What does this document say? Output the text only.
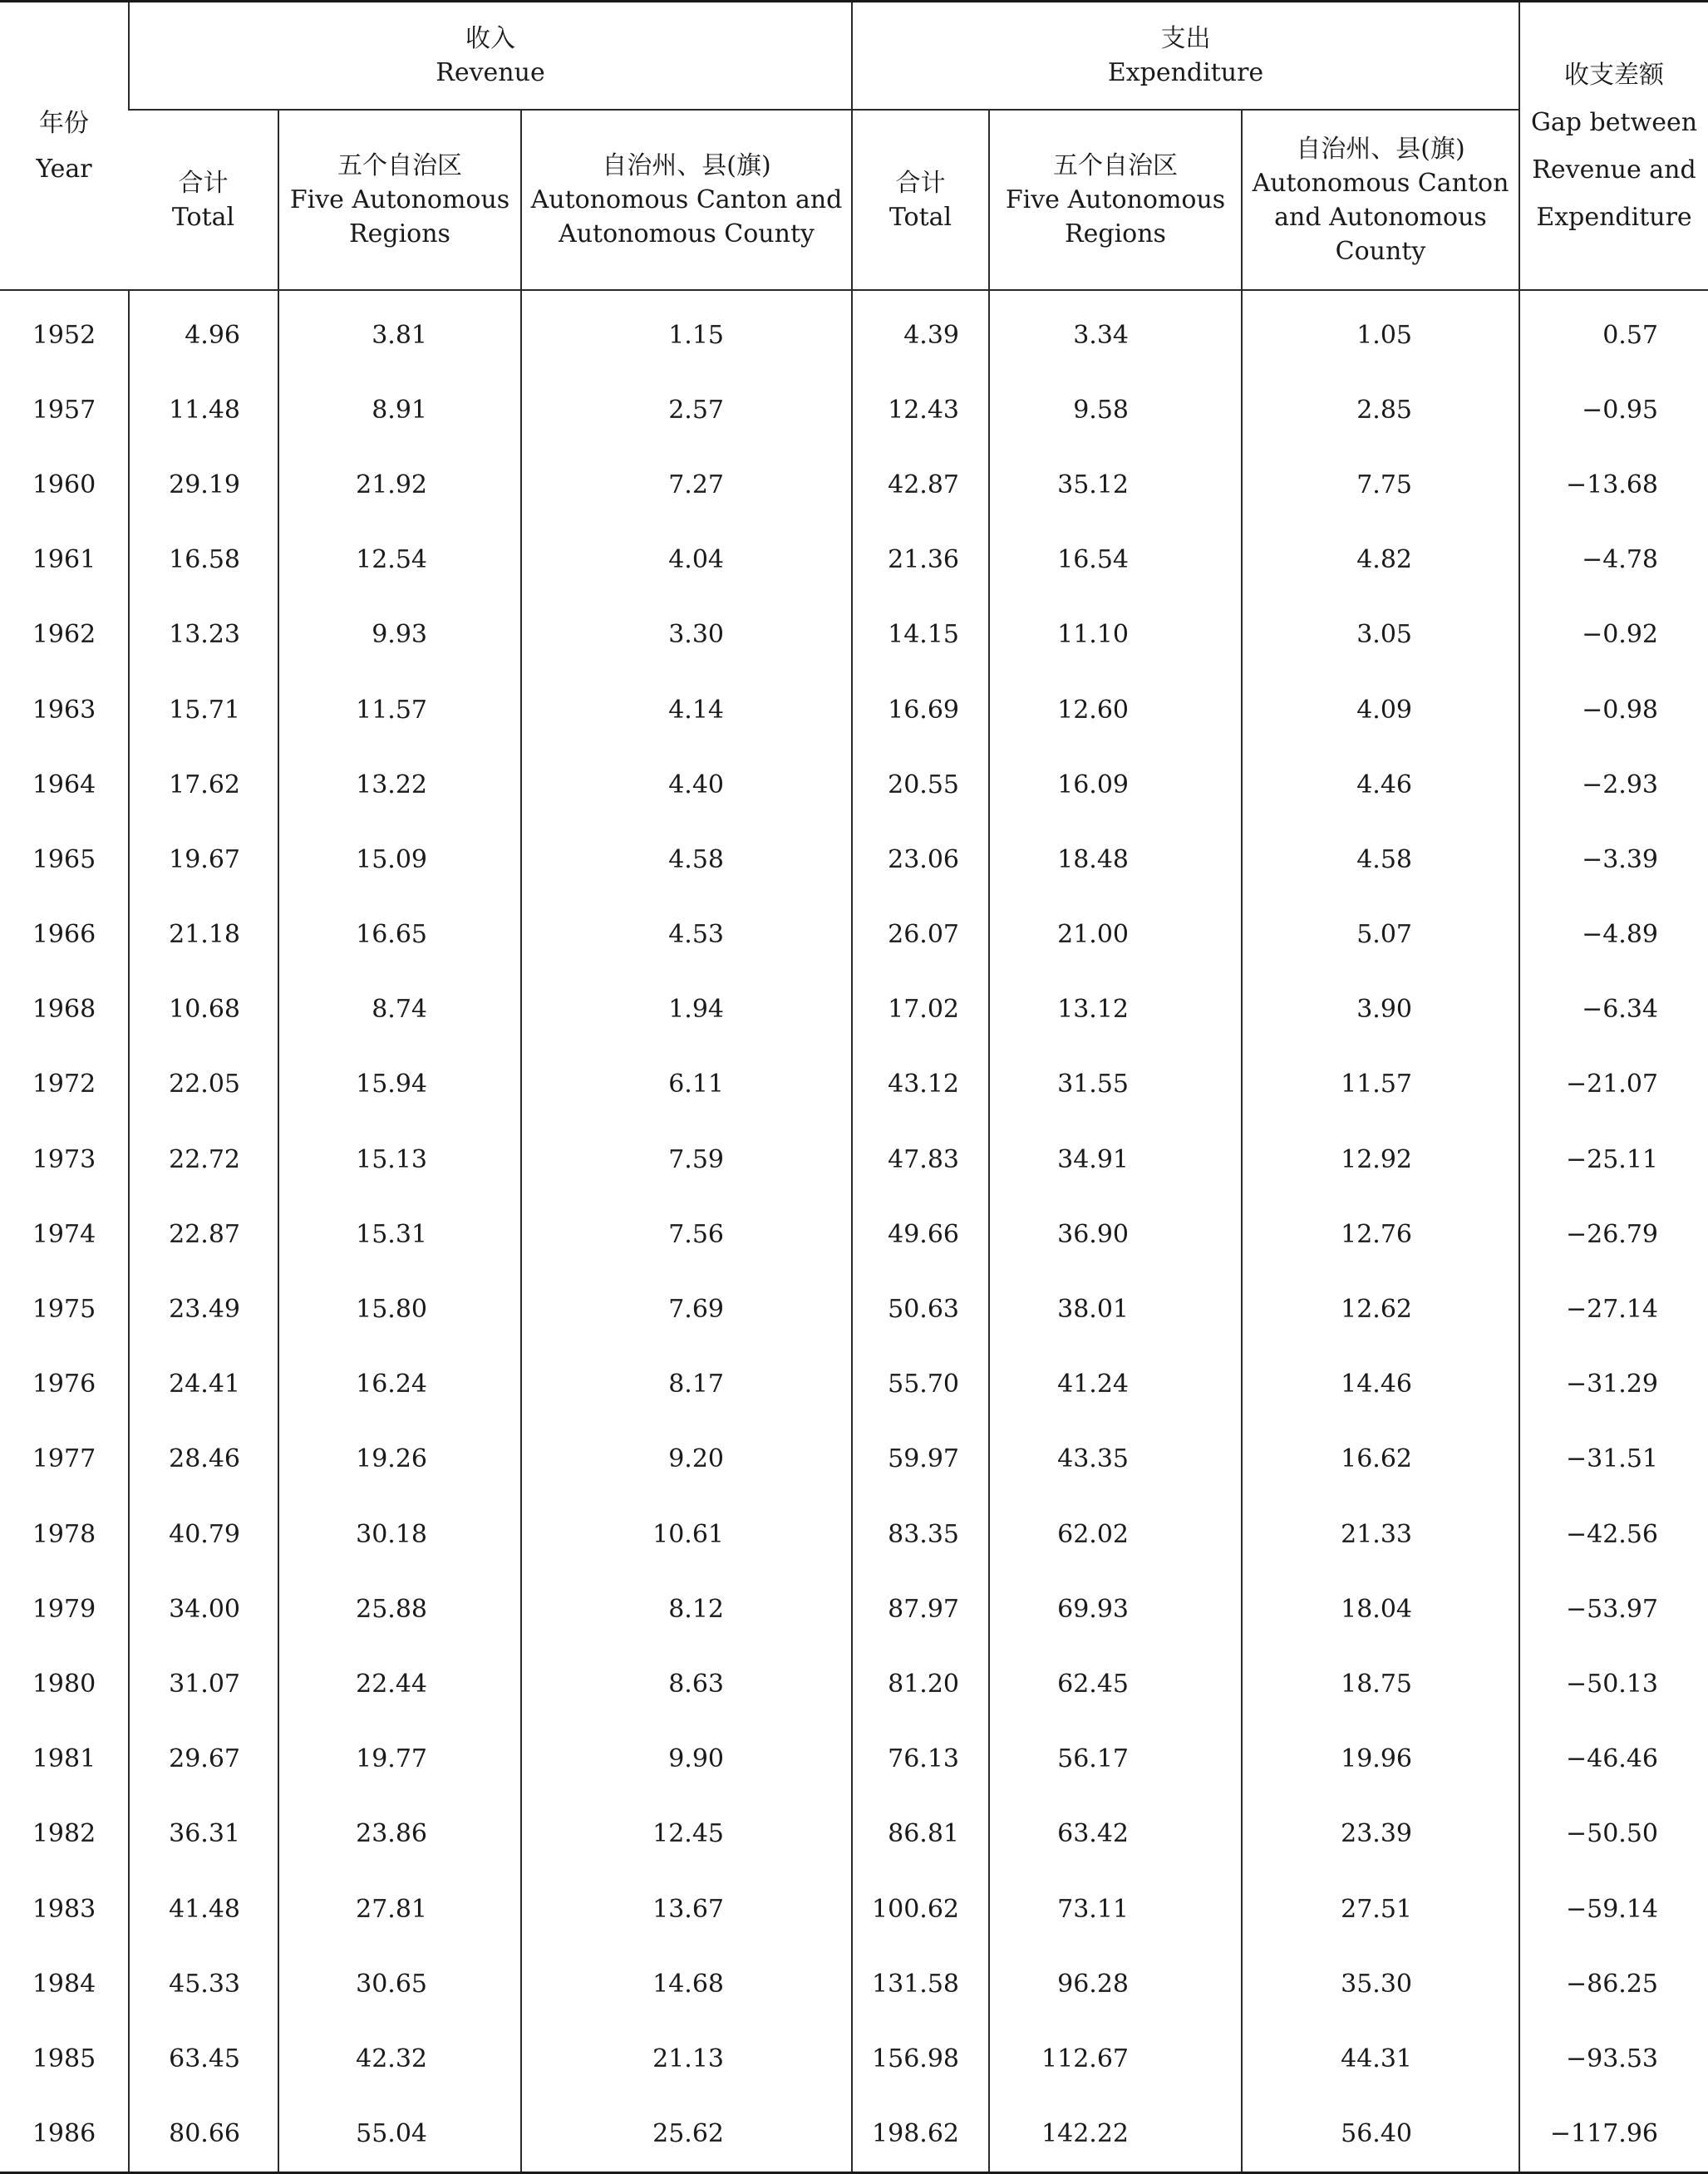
年份
Year	收入
Revenue			支出
Expenditure			收支差额
Gap between Revenue and Expenditure

	合计
Total	五个自治区
Five Autonomous Regions	自治州、县(旗)
Autonomous Canton and Autonomous County	合计
Total	五个自治区
Five Autonomous Regions	自治州、县(旗)
Autonomous Canton and Autonomous County	

1952	4.96	3.81	1.15	4.39	3.34	1.05	0.57
1957	11.48	8.91	2.57	12.43	9.58	2.85	−0.95
1960	29.19	21.92	7.27	42.87	35.12	7.75	−13.68
1961	16.58	12.54	4.04	21.36	16.54	4.82	−4.78
1962	13.23	9.93	3.30	14.15	11.10	3.05	−0.92
1963	15.71	11.57	4.14	16.69	12.60	4.09	−0.98
1964	17.62	13.22	4.40	20.55	16.09	4.46	−2.93
1965	19.67	15.09	4.58	23.06	18.48	4.58	−3.39
1966	21.18	16.65	4.53	26.07	21.00	5.07	−4.89
1968	10.68	8.74	1.94	17.02	13.12	3.90	−6.34
1972	22.05	15.94	6.11	43.12	31.55	11.57	−21.07
1973	22.72	15.13	7.59	47.83	34.91	12.92	−25.11
1974	22.87	15.31	7.56	49.66	36.90	12.76	−26.79
1975	23.49	15.80	7.69	50.63	38.01	12.62	−27.14
1976	24.41	16.24	8.17	55.70	41.24	14.46	−31.29
1977	28.46	19.26	9.20	59.97	43.35	16.62	−31.51
1978	40.79	30.18	10.61	83.35	62.02	21.33	−42.56
1979	34.00	25.88	8.12	87.97	69.93	18.04	−53.97
1980	31.07	22.44	8.63	81.20	62.45	18.75	−50.13
1981	29.67	19.77	9.90	76.13	56.17	19.96	−46.46
1982	36.31	23.86	12.45	86.81	63.42	23.39	−50.50
1983	41.48	27.81	13.67	100.62	73.11	27.51	−59.14
1984	45.33	30.65	14.68	131.58	96.28	35.30	−86.25
1985	63.45	42.32	21.13	156.98	112.67	44.31	−93.53
1986	80.66	55.04	25.62	198.62	142.22	56.40	−117.96
